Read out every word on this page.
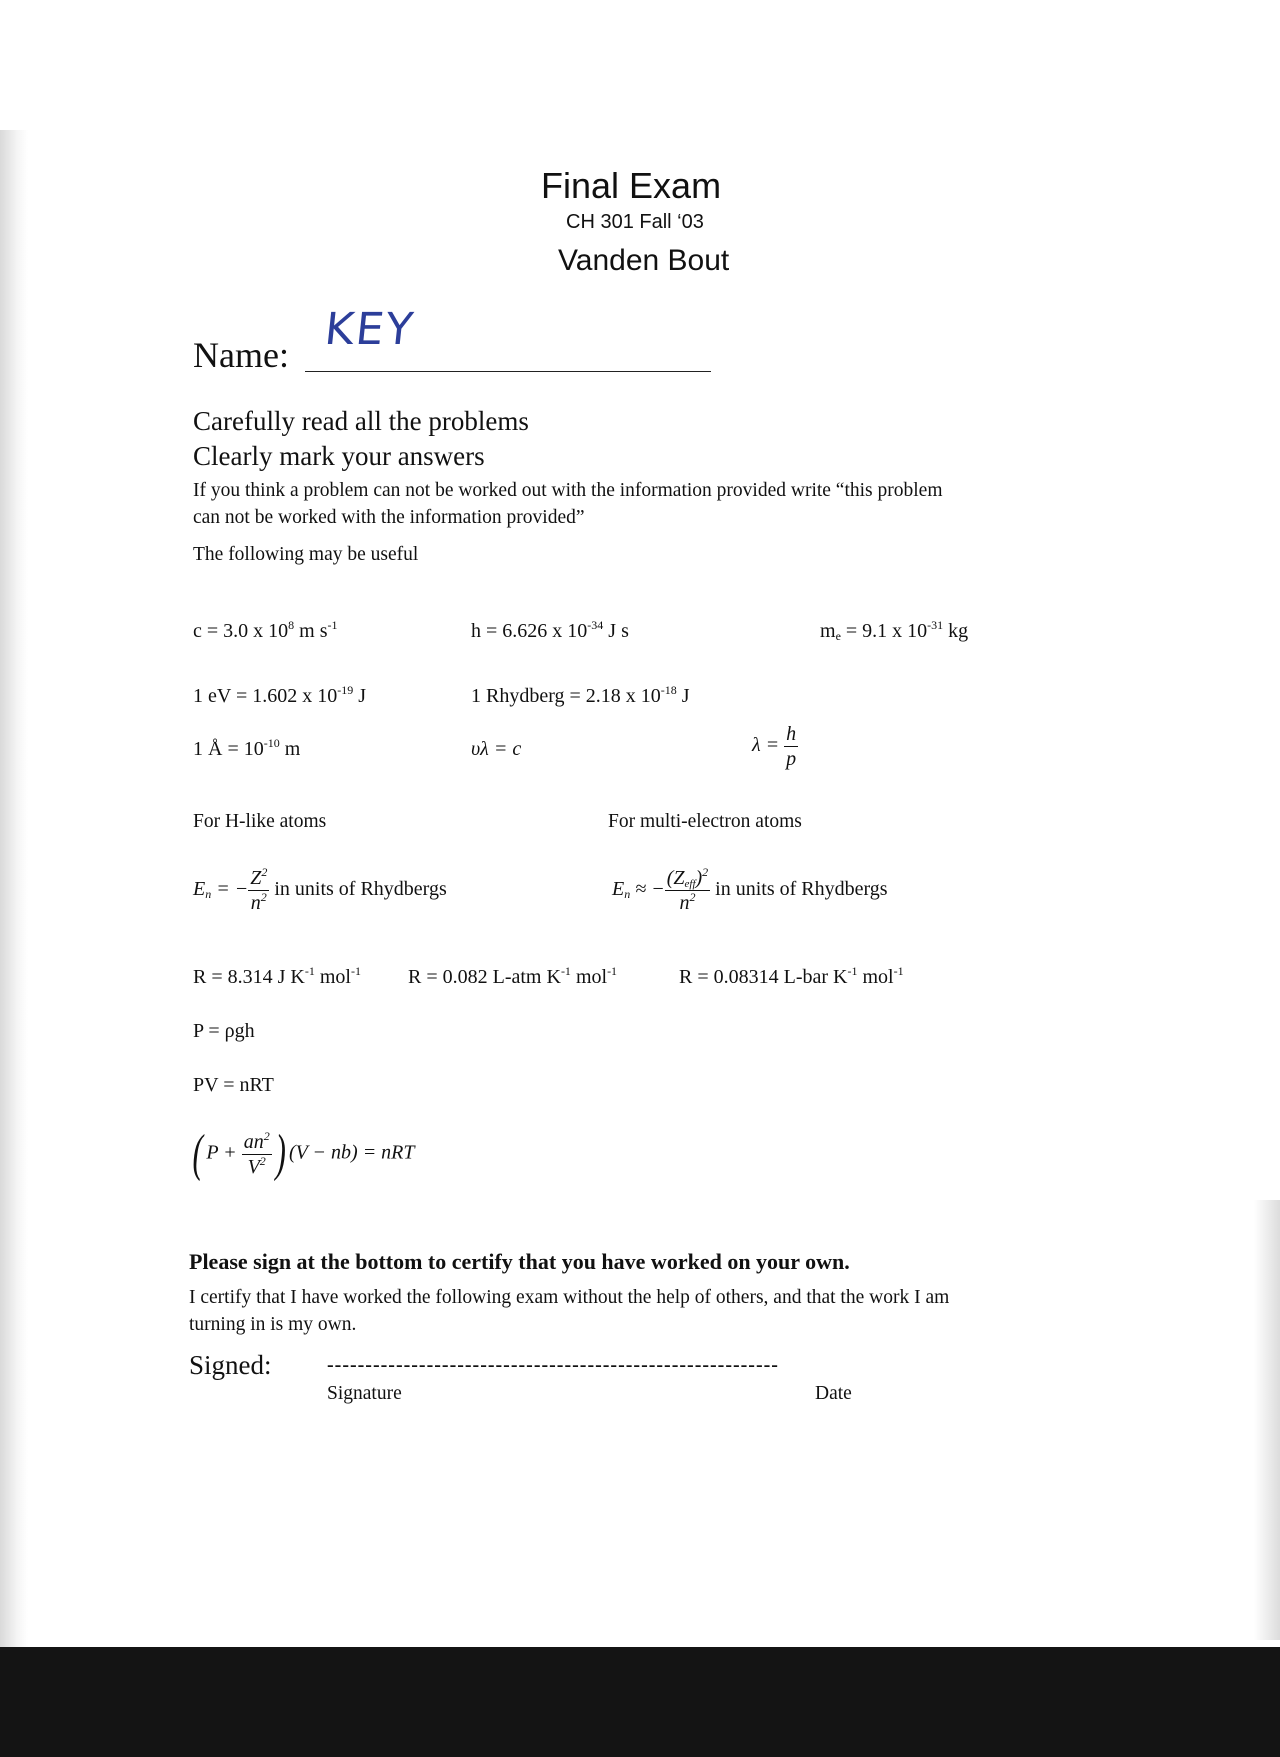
Final Exam
CH 301 Fall ‘03
Vanden Bout
Name: KEY
Carefully read all the problems
Clearly mark your answers
If you think a problem can not be worked out with the information provided write “this problem
can not be worked with the information provided”
The following may be useful
c = 3.0 x $10^8$ m $s^{-1}$	h = 6.626 x $10^{-34}$ J s	$m_e = 9.1$ x $10^{-31}$ kg
1 eV = 1.602 x $10^{-19}$ J	1 Rhydberg = 2.18 x $10^{-18}$ J
1 Å = $10^{-10}$ m	υλ = c	$\lambda = \frac{h}{p}$
For H-like atoms	For multi-electron atoms
$E_n$ = − $\frac{Z^2}{n^2}$ in units of Rhydbergs	$E_n$ ≈ − $\frac{(Z_{eff})^2}{n^2}$ in units of Rhydbergs
R = 8.314 J $K^{-1}$ mol$^{-1}$ R = 0.082 L-atm $K^{-1}$ mol$^{-1}$	R = 0.08314 L-bar $K^{-1}$ mol$^{-1}$
P = ρgh
PV = nRT
( $P + \frac{an^2}{V^2}$ ) (V − nb) = nRT
Please sign at the bottom to certify that you have worked on your own.
I certify that I have worked the following exam without the help of others, and that the work I am
turning in is my own.
Signed:	-----------------------------------------------------------
Signature	Date
